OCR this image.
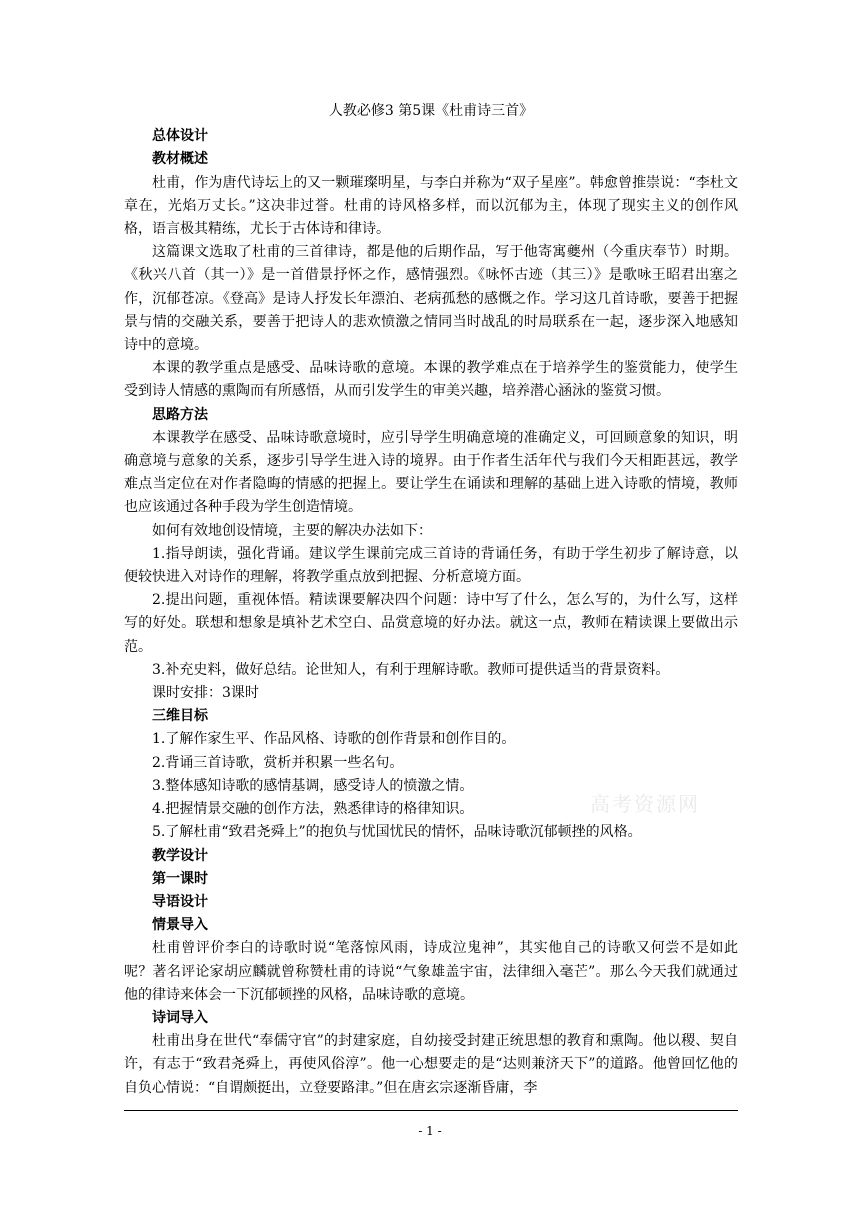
人教必修3 第5课《杜甫诗三首》

总体设计

教材概述

杜甫，作为唐代诗坛上的又一颗璀璨明星，与李白并称为“双子星座”。韩愈曾推崇说：“李杜文章在，光焰万丈长。”这决非过誉。杜甫的诗风格多样，而以沉郁为主，体现了现实主义的创作风格，语言极其精练，尤长于古体诗和律诗。

这篇课文选取了杜甫的三首律诗，都是他的后期作品，写于他寄寓夔州（今重庆奉节）时期。《秋兴八首（其一）》是一首借景抒怀之作，感情强烈。《咏怀古迹（其三）》是歌咏王昭君出塞之作，沉郁苍凉。《登高》是诗人抒发长年漂泊、老病孤愁的感慨之作。学习这几首诗歌，要善于把握景与情的交融关系，要善于把诗人的悲欢愤激之情同当时战乱的时局联系在一起，逐步深入地感知诗中的意境。

本课的教学重点是感受、品味诗歌的意境。本课的教学难点在于培养学生的鉴赏能力，使学生受到诗人情感的熏陶而有所感悟，从而引发学生的审美兴趣，培养潜心涵泳的鉴赏习惯。

思路方法

本课教学在感受、品味诗歌意境时，应引导学生明确意境的准确定义，可回顾意象的知识，明确意境与意象的关系，逐步引导学生进入诗的境界。由于作者生活年代与我们今天相距甚远，教学难点当定位在对作者隐晦的情感的把握上。要让学生在诵读和理解的基础上进入诗歌的情境，教师也应该通过各种手段为学生创造情境。

如何有效地创设情境，主要的解决办法如下：

1.指导朗读，强化背诵。建议学生课前完成三首诗的背诵任务，有助于学生初步了解诗意，以便较快进入对诗作的理解，将教学重点放到把握、分析意境方面。

2.提出问题，重视体悟。精读课要解决四个问题：诗中写了什么，怎么写的，为什么写，这样写的好处。联想和想象是填补艺术空白、品赏意境的好办法。就这一点，教师在精读课上要做出示范。

3.补充史料，做好总结。论世知人，有利于理解诗歌。教师可提供适当的背景资料。

课时安排：3课时

三维目标

1.了解作家生平、作品风格、诗歌的创作背景和创作目的。

2.背诵三首诗歌，赏析并积累一些名句。

3.整体感知诗歌的感情基调，感受诗人的愤激之情。

4.把握情景交融的创作方法，熟悉律诗的格律知识。

5.了解杜甫“致君尧舜上”的抱负与忧国忧民的情怀，品味诗歌沉郁顿挫的风格。

教学设计

第一课时

导语设计

情景导入

杜甫曾评价李白的诗歌时说“笔落惊风雨，诗成泣鬼神”，其实他自己的诗歌又何尝不是如此呢？著名评论家胡应麟就曾称赞杜甫的诗说“气象雄盖宇宙，法律细入毫芒”。那么今天我们就通过他的律诗来体会一下沉郁顿挫的风格，品味诗歌的意境。

诗词导入

杜甫出身在世代“奉儒守官”的封建家庭，自幼接受封建正统思想的教育和熏陶。他以稷、契自许，有志于“致君尧舜上，再使风俗淳”。他一心想要走的是“达则兼济天下”的道路。他曾回忆他的自负心情说：“自谓颇挺出，立登要路津。”但在唐玄宗逐渐昏庸，李

高考资源网
- 1 -
